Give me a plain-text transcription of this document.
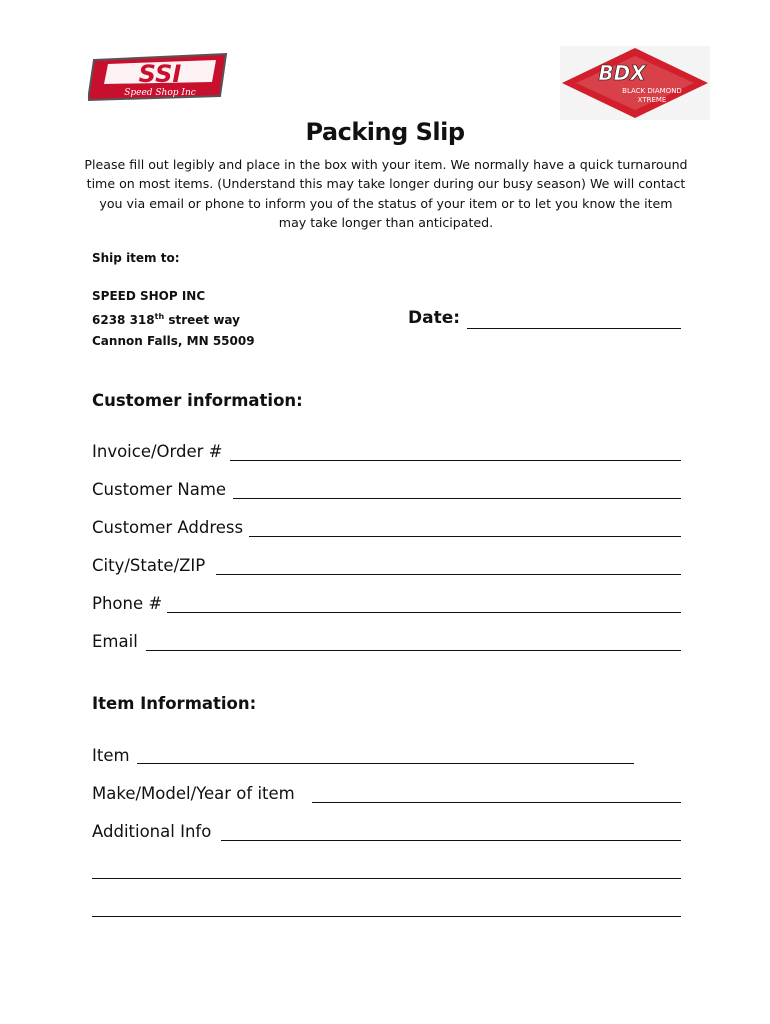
SSI
Speed Shop Inc
BDX
BLACK DIAMOND
XTREME
Packing Slip
Please fill out legibly and place in the box with your item. We normally have a quick turnaround time on most items. (Understand this may take longer during our busy season) We will contact you via email or phone to inform you of the status of your item or to let you know the item may take longer than anticipated.
Ship item to:
SPEED SHOP INC
6238 318th street way
Cannon Falls, MN 55009
Date:
Customer information:
Invoice/Order #
Customer Name
Customer Address
City/State/ZIP
Phone #
Email
Item Information:
Item
Make/Model/Year of item
Additional Info
